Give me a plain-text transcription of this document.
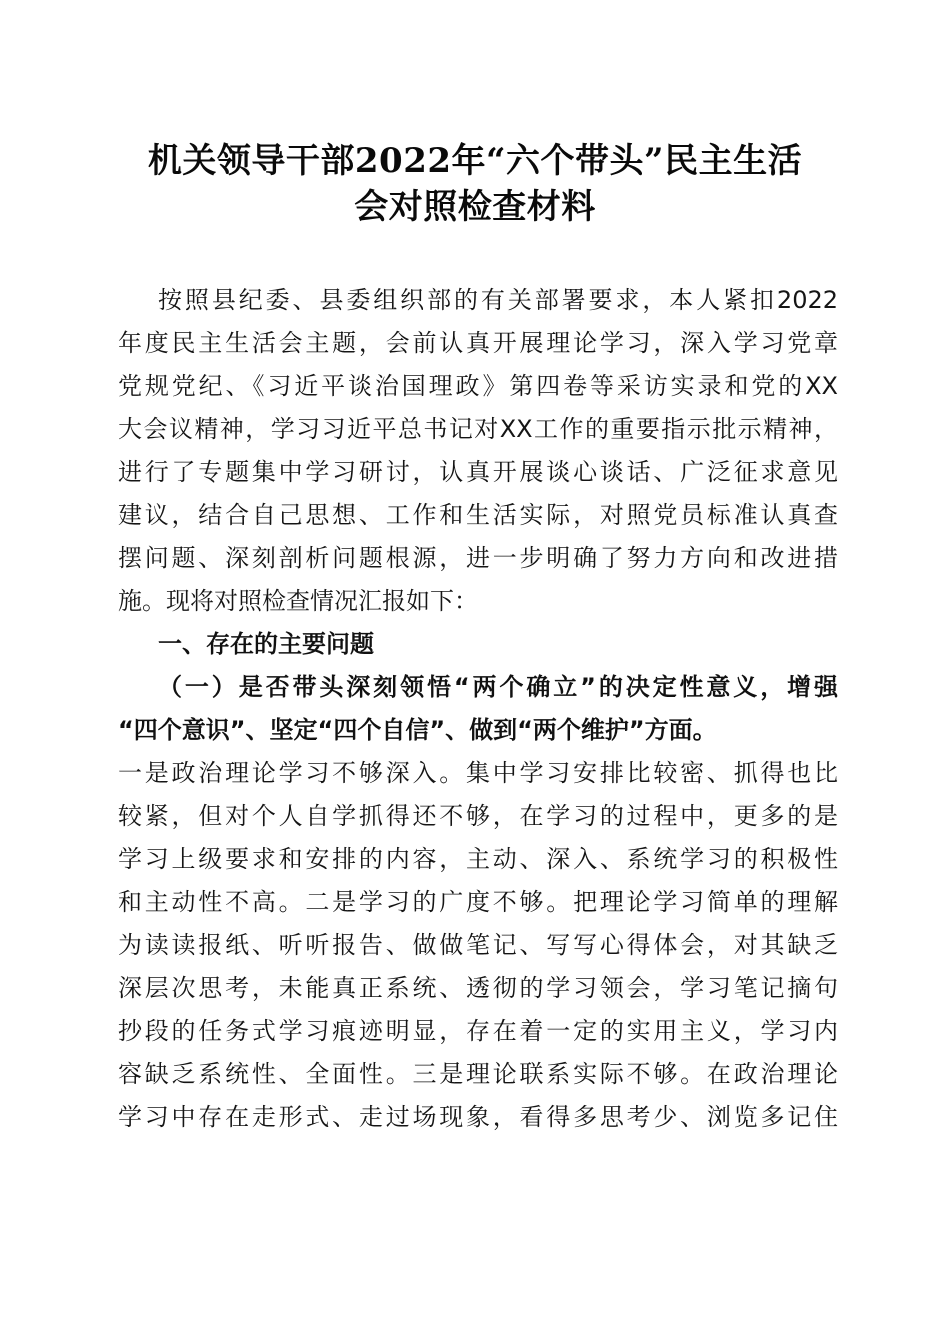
机关领导干部2022年“六个带头”民主生活
会对照检查材料
按照县纪委、县委组织部的有关部署要求，本人紧扣2022
年度民主生活会主题，会前认真开展理论学习，深入学习党章
党规党纪、《习近平谈治国理政》第四卷等采访实录和党的XX
大会议精神，学习习近平总书记对XX工作的重要指示批示精神，
进行了专题集中学习研讨，认真开展谈心谈话、广泛征求意见
建议，结合自己思想、工作和生活实际，对照党员标准认真查
摆问题、深刻剖析问题根源，进一步明确了努力方向和改进措
施。现将对照检查情况汇报如下：
一、存在的主要问题
（一）是否带头深刻领悟“两个确立”的决定性意义，增强
“四个意识”、坚定“四个自信”、做到“两个维护”方面。
一是政治理论学习不够深入。集中学习安排比较密、抓得也比
较紧，但对个人自学抓得还不够，在学习的过程中，更多的是
学习上级要求和安排的内容，主动、深入、系统学习的积极性
和主动性不高。二是学习的广度不够。把理论学习简单的理解
为读读报纸、听听报告、做做笔记、写写心得体会，对其缺乏
深层次思考，未能真正系统、透彻的学习领会，学习笔记摘句
抄段的任务式学习痕迹明显，存在着一定的实用主义，学习内
容缺乏系统性、全面性。三是理论联系实际不够。在政治理论
学习中存在走形式、走过场现象，看得多思考少、浏览多记住
